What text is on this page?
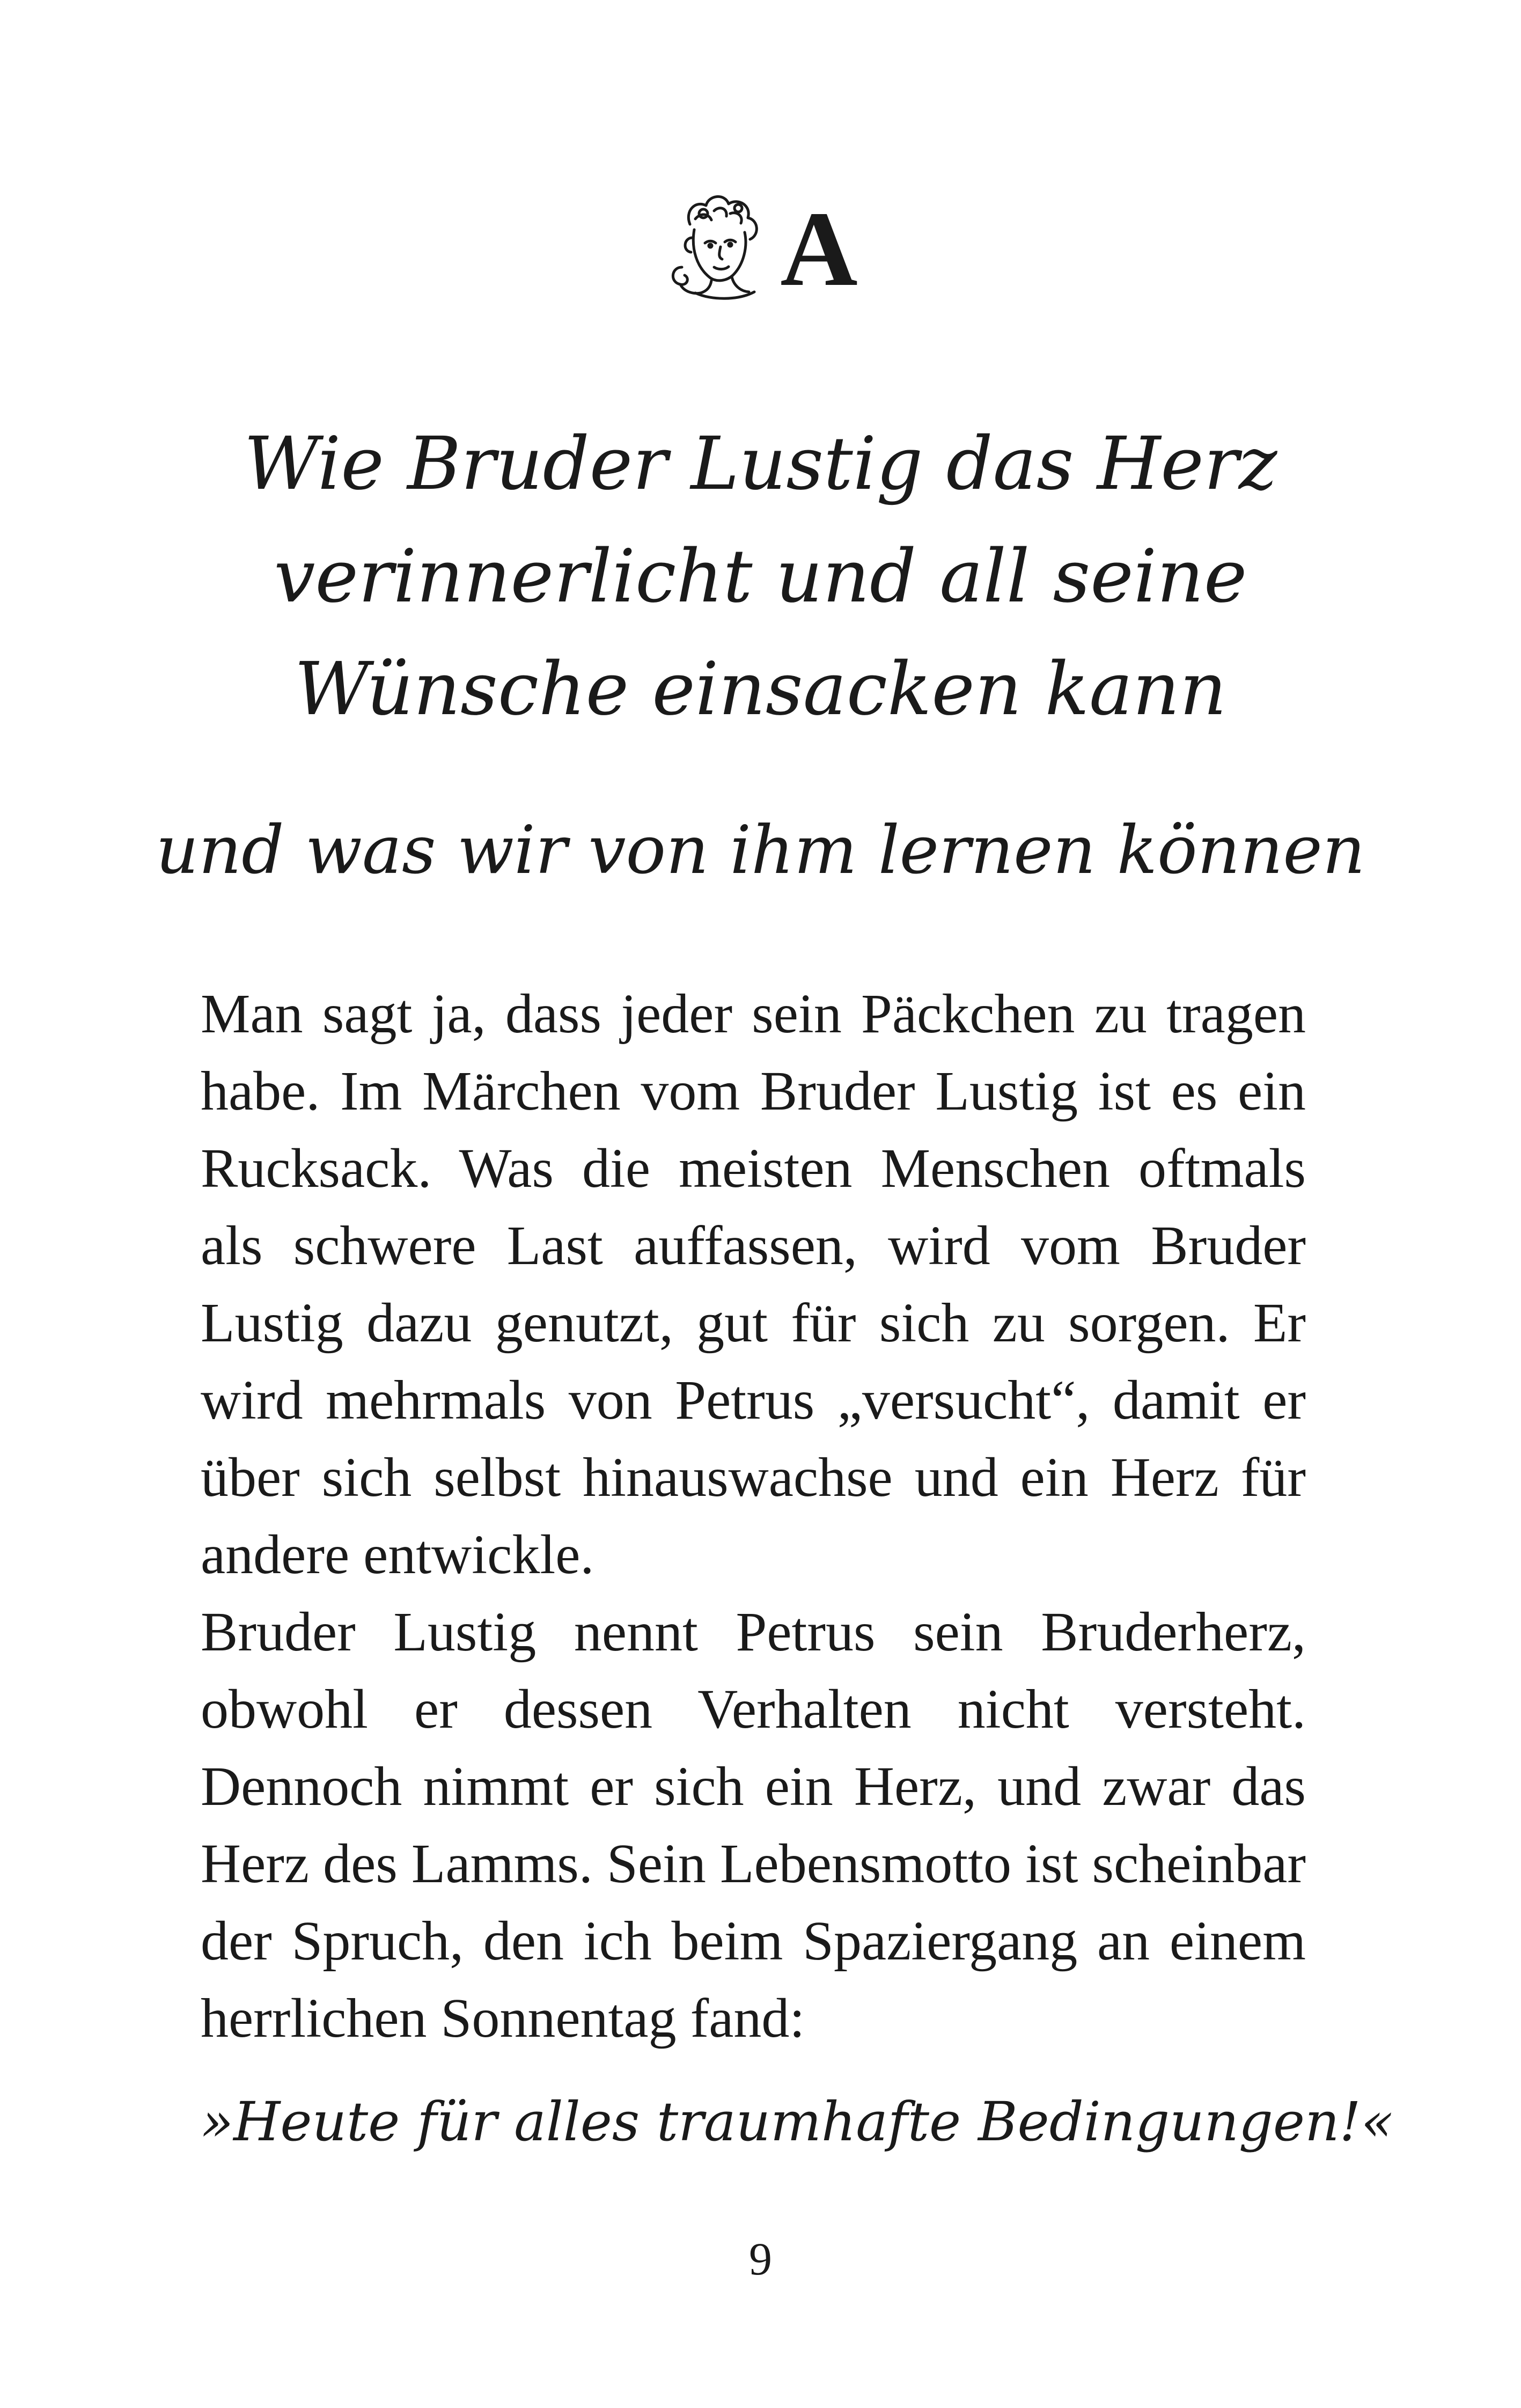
A
Wie Bruder Lustig das Herz
verinnerlicht und all seine
Wünsche einsacken kann
und was wir von ihm lernen können

Man sagt ja, dass jeder sein Päckchen zu tragen habe. Im Märchen vom Bruder Lustig ist es ein Rucksack. Was die meisten Menschen oftmals als schwere Last auffassen, wird vom Bruder Lustig dazu genutzt, gut für sich zu sorgen. Er wird mehrmals von Petrus „versucht“, damit er über sich selbst hinauswachse und ein Herz für andere entwickle.

Bruder Lustig nennt Petrus sein Bruderherz, obwohl er dessen Verhalten nicht versteht. Dennoch nimmt er sich ein Herz, und zwar das Herz des Lamms. Sein Lebensmotto ist scheinbar der Spruch, den ich beim Spaziergang an einem herrlichen Sonnentag fand:

»Heute für alles traumhafte Bedingungen!«
9
